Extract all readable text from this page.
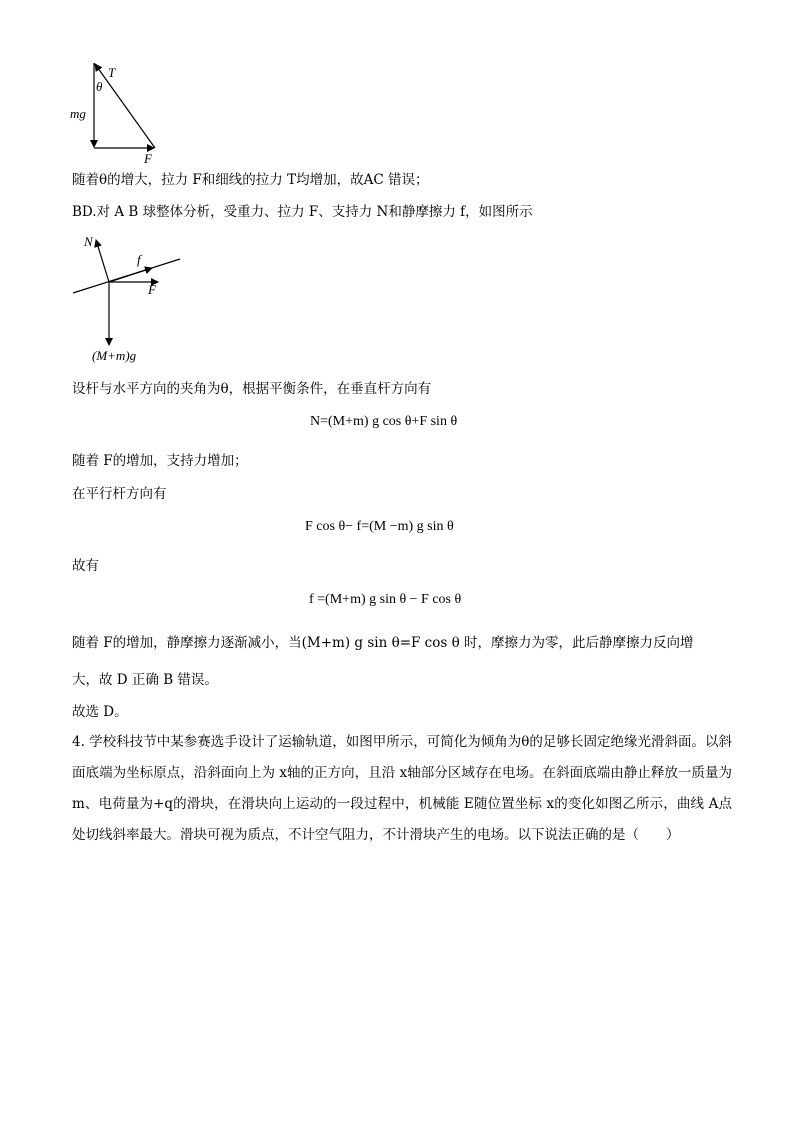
T
θ
mg
F
随着θ的增大，拉力 F和细线的拉力 T均增加，故AC 错误；
BD.对 A B 球整体分析，受重力、拉力 F、支持力 N和静摩擦力 f，如图所示
N
f
F
(M+m)g
设杆与水平方向的夹角为θ，根据平衡条件，在垂直杆方向有
N=(M+m) g cos θ+F sin θ
随着 F的增加，支持力增加；
在平行杆方向有
F cos θ− f=(M −m) g sin θ
故有
f =(M+m) g sin θ − F cos θ
随着 F的增加，静摩擦力逐渐减小，当(M+m) g sin θ=F cos θ 时，摩擦力为零，此后静摩擦力反向增
大，故 D 正确 B 错误。
故选 D。
4. 学校科技节中某参赛选手设计了运输轨道，如图甲所示，可简化为倾角为θ的足够长固定绝缘光滑斜面。以斜面底端为坐标原点，沿斜面向上为 x轴的正方向，且沿 x轴部分区域存在电场。在斜面底端由静止释放一质量为 m、电荷量为+q的滑块，在滑块向上运动的一段过程中，机械能 E随位置坐标 x的变化如图乙所示，曲线 A点处切线斜率最大。滑块可视为质点，不计空气阻力，不计滑块产生的电场。以下说法正确的是（　　）
